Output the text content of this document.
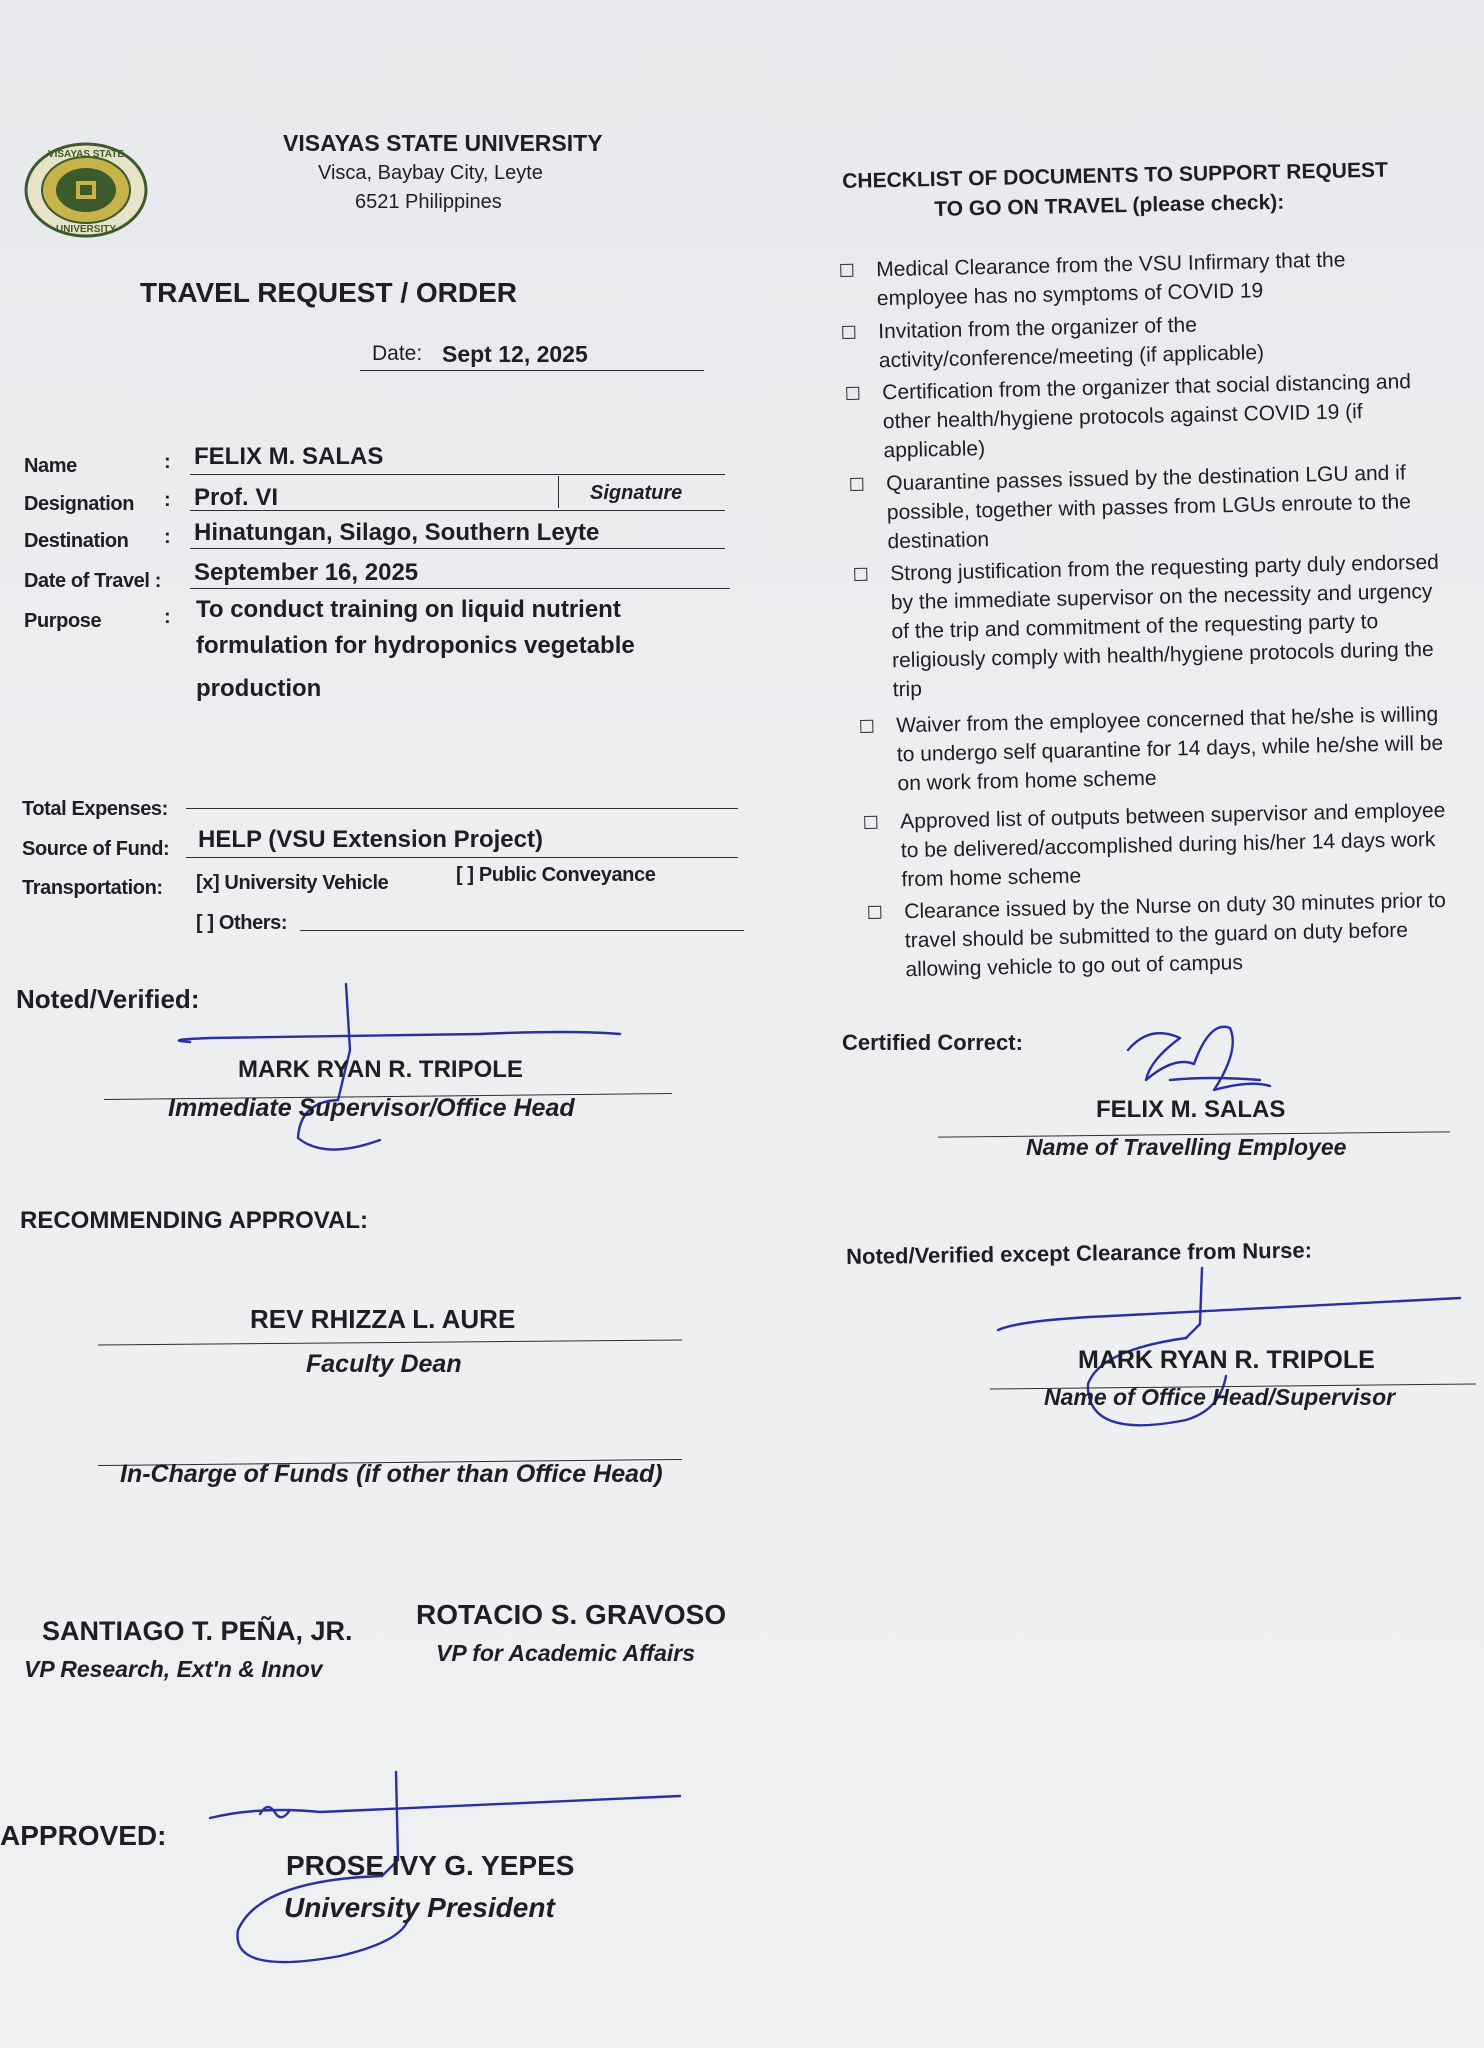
VISAYAS STATE
UNIVERSITY
VISAYAS STATE UNIVERSITY
Visca, Baybay City, Leyte
6521 Philippines
TRAVEL REQUEST / ORDER
Date: Sept 12, 2025
Name	: FELIX M. SALAS
Signature
Designation : Prof. VI
Destination : Hinatungan, Silago, Southern Leyte
Date of Travel : September 16, 2025
Purpose	: To conduct training on liquid nutrient
formulation for hydroponics vegetable
production
Total Expenses:
Source of Fund: HELP (VSU Extension Project)
Transportation: [x] University Vehicle	[ ] Public Conveyance
[ ] Others:
Noted/Verified:
MARK RYAN R. TRIPOLE
Immediate Supervisor/Office Head
RECOMMENDING APPROVAL:
REV RHIZZA L. AURE
Faculty Dean
In-Charge of Funds (if other than Office Head)
SANTIAGO T. PEÑA, JR.
VP Research, Ext'n & Innov
ROTACIO S. GRAVOSO
VP for Academic Affairs
APPROVED:
PROSE IVY G. YEPES
University President
CHECKLIST OF DOCUMENTS TO SUPPORT REQUEST
TO GO ON TRAVEL (please check):
Medical Clearance from the VSU Infirmary that the employee has no symptoms of COVID 19
Invitation from the organizer of the activity/conference/meeting (if applicable)
Certification from the organizer that social distancing and other health/hygiene protocols against COVID 19 (if applicable)
Quarantine passes issued by the destination LGU and if possible, together with passes from LGUs enroute to the destination
Strong justification from the requesting party duly endorsed by the immediate supervisor on the necessity and urgency of the trip and commitment of the requesting party to religiously comply with health/hygiene protocols during the trip
Waiver from the employee concerned that he/she is willing to undergo self quarantine for 14 days, while he/she will be on work from home scheme
Approved list of outputs between supervisor and employee to be delivered/accomplished during his/her 14 days work from home scheme
Clearance issued by the Nurse on duty 30 minutes prior to travel should be submitted to the guard on duty before allowing vehicle to go out of campus
Certified Correct:
FELIX M. SALAS
Name of Travelling Employee
Noted/Verified except Clearance from Nurse:
MARK RYAN R. TRIPOLE
Name of Office Head/Supervisor
